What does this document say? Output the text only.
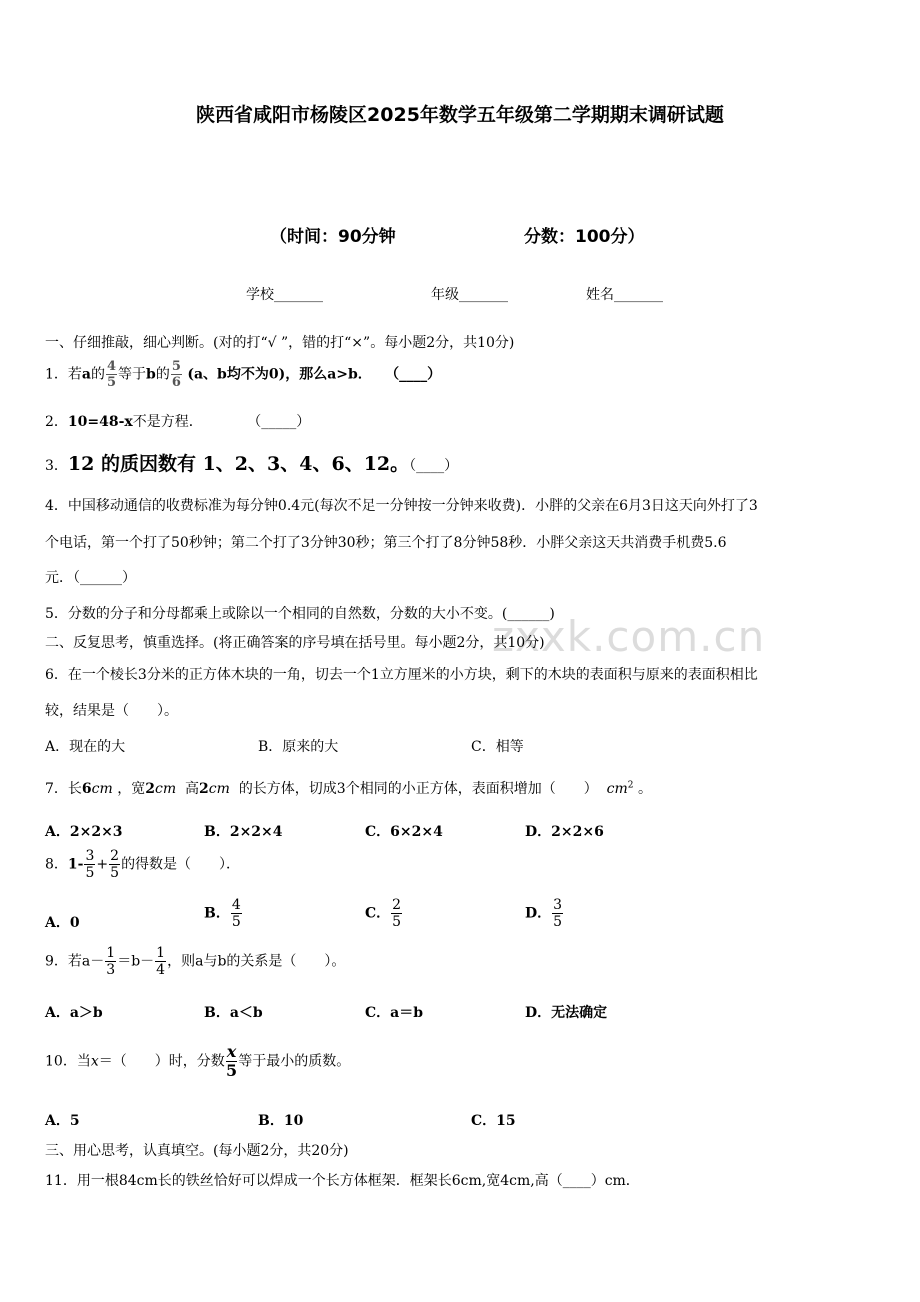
陕西省咸阳市杨陵区2025年数学五年级第二学期期末调研试题
（时间：90分钟	分数：100分）
学校_______	年级_______	姓名_______
zxxk.com.cn
一、仔细推敲，细心判断。(对的打“√ ”，错的打“×”。每小题2分，共10分)
1．若a的 $\frac{4}{5}$ 等于b的 $\frac{5}{6} (a$、b均不为0)，那么a>b． （____）
2．10=48-x不是方程．	（_____）
3．12 的质因数有 1、2、3、4、6、12。（____）
4．中国移动通信的收费标准为每分钟0.4元(每次不足一分钟按一分钟来收费)．小胖的父亲在6月3日这天向外打了3
个电话，第一个打了50秒钟；第二个打了3分钟30秒；第三个打了8分钟58秒．小胖父亲这天共消费手机费5.6
元．（______）
5．分数的分子和分母都乘上或除以一个相同的自然数，分数的大小不变。(______)
二、反复思考，慎重选择。(将正确答案的序号填在括号里。每小题2分，共10分)
6．在一个棱长3分米的正方体木块的一角，切去一个1立方厘米的小方块，剩下的木块的表面积与原来的表面积相比
较，结果是（　　）。
A．现在的大	B．原来的大	C．相等
7．长6cm ，宽2cm 高2cm 的长方体，切成3个相同的小正方体，表面积增加（　　） $cm^2$ 。
A．2×2×3	B．2×2×4	C．6×2×4	D．2×2×6
8．$1- \frac{3}{5} + \frac{2}{5}$ 的得数是（　　）．
A．0
B． $\frac{4}{5}$	C． $\frac{2}{5}$	D． $\frac{3}{5}$
9．若$a- \frac{1}{3} =b- \frac{1}{4}$ ，则a与b的关系是（　　）。
A．a＞b	B．a＜b	C．a＝b	D．无法确定
10．当x＝（　　）时，分数 $\frac{x}{5}$ 等于最小的质数。
A．5	B．10	C．15
三、用心思考，认真填空。(每小题2分，共20分)
11．用一根84cm长的铁丝恰好可以焊成一个长方体框架．框架长6cm,宽4cm,高（____）cm．
